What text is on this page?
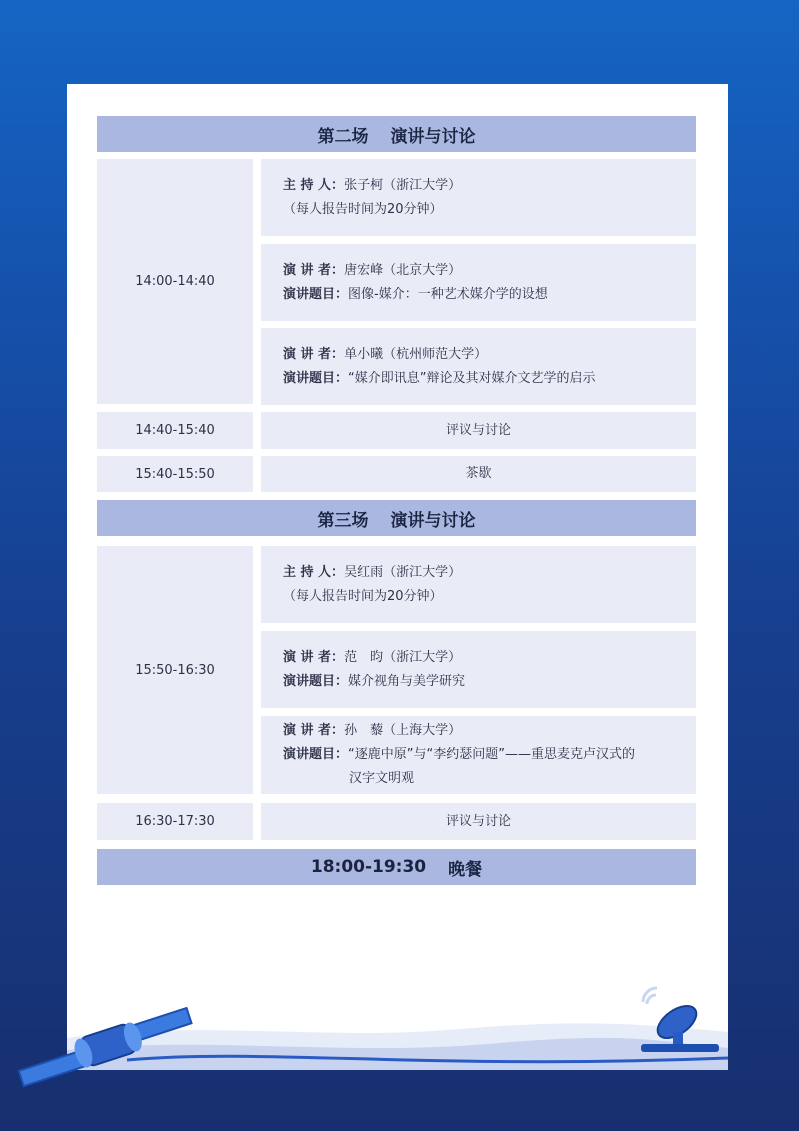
第二场 演讲与讨论
14:00-14:40
主 持 人：张子柯（浙江大学）
（每人报告时间为20分钟）
演 讲 者：唐宏峰（北京大学）
演讲题目：图像-媒介：一种艺术媒介学的设想
演 讲 者：单小曦（杭州师范大学）
演讲题目：“媒介即讯息”辩论及其对媒介文艺学的启示
14:40-15:40	评议与讨论
15:40-15:50	茶歇
第三场 演讲与讨论
15:50-16:30
主 持 人：吴红雨（浙江大学）
（每人报告时间为20分钟）
演 讲 者：范　昀（浙江大学）
演讲题目：媒介视角与美学研究
演 讲 者：孙　藜（上海大学）
演讲题目：“逐鹿中原”与“李约瑟问题”——重思麦克卢汉式的
汉字文明观
16:30-17:30	评议与讨论
18:00-19:30 晚餐
